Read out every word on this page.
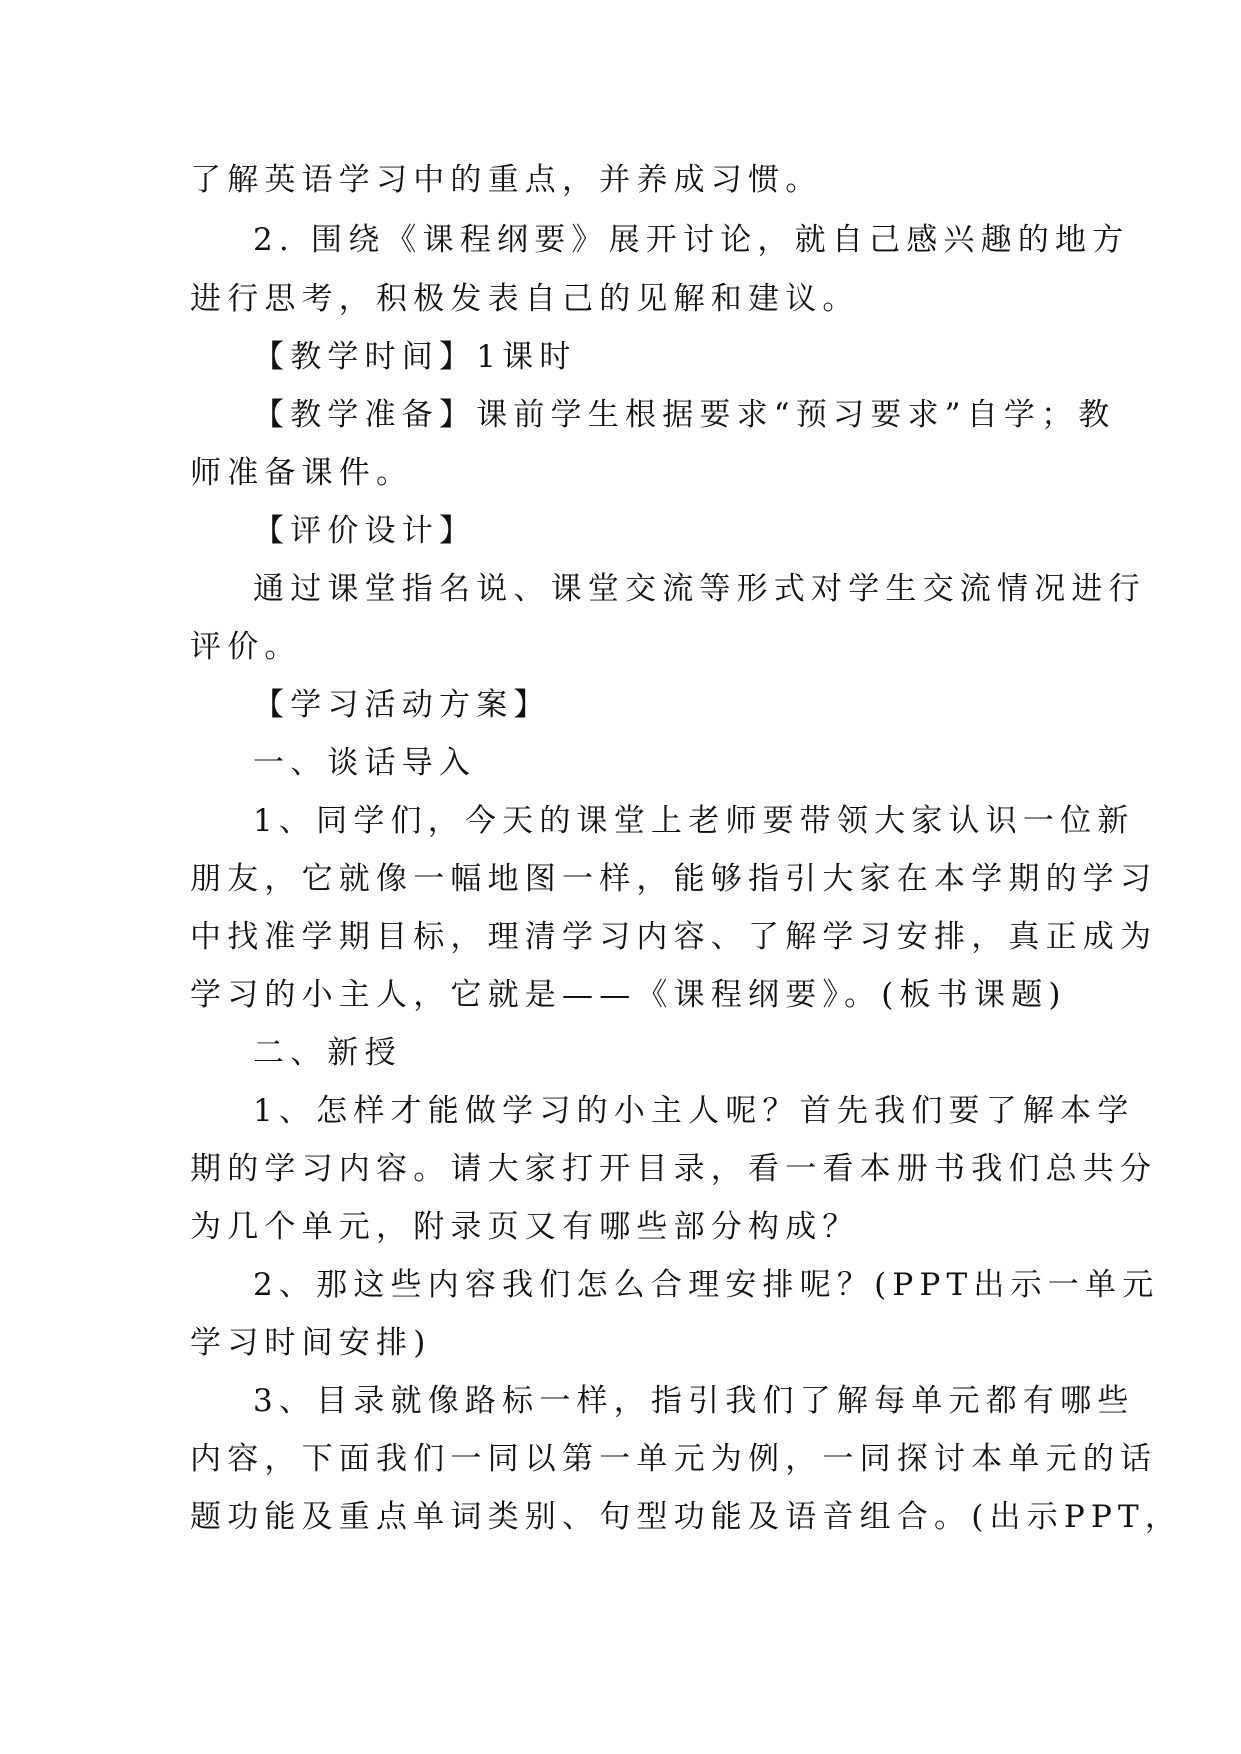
了解英语学习中的重点，并养成习惯。
2. 围绕《课程纲要》展开讨论，就自己感兴趣的地方
进行思考，积极发表自己的见解和建议。
【教学时间】1课时
【教学准备】课前学生根据要求“预习要求”自学；教
师准备课件。
【评价设计】
通过课堂指名说、课堂交流等形式对学生交流情况进行
评价。
【学习活动方案】
一、谈话导入
1、同学们，今天的课堂上老师要带领大家认识一位新
朋友，它就像一幅地图一样，能够指引大家在本学期的学习
中找准学期目标，理清学习内容、了解学习安排，真正成为
学习的小主人，它就是——《课程纲要》。(板书课题)
二、新授
1、怎样才能做学习的小主人呢？首先我们要了解本学
期的学习内容。请大家打开目录，看一看本册书我们总共分
为几个单元，附录页又有哪些部分构成？
2、那这些内容我们怎么合理安排呢？(PPT出示一单元
学习时间安排)
3、目录就像路标一样，指引我们了解每单元都有哪些
内容，下面我们一同以第一单元为例，一同探讨本单元的话
题功能及重点单词类别、句型功能及语音组合。(出示PPT，
